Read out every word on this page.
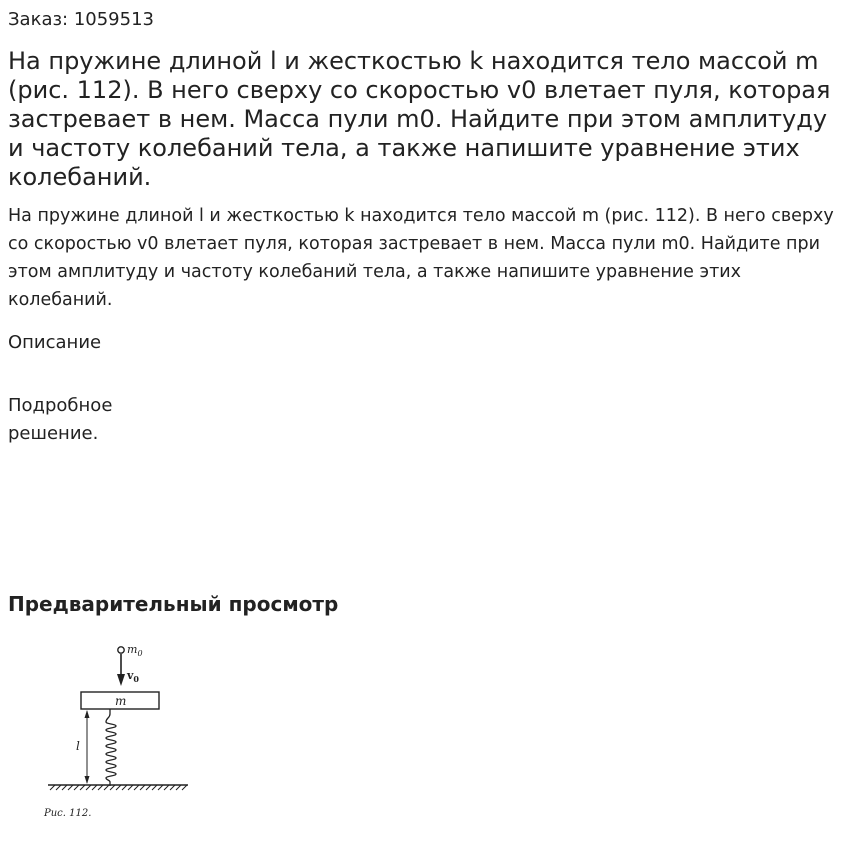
Заказ: 1059513
На пружине длиной l и жесткостью k находится тело массой m (рис. 112). В него сверху со скоростью v0 влетает пуля, которая застревает в нем. Масса пули m0. Найдите при этом амплитуду и частоту колебаний тела, а также напишите уравнение этих колебаний.

На пружине длиной l и жесткостью k находится тело массой m (рис. 112). В него сверху со скоростью v0 влетает пуля, которая застревает в нем. Масса пули m0. Найдите при этом амплитуду и частоту колебаний тела, а также напишите уравнение этих колебаний.

Описание
Подробное решение.
Предварительный просмотр
$m_0$
$v_0$
m
l
Рис. 112.
